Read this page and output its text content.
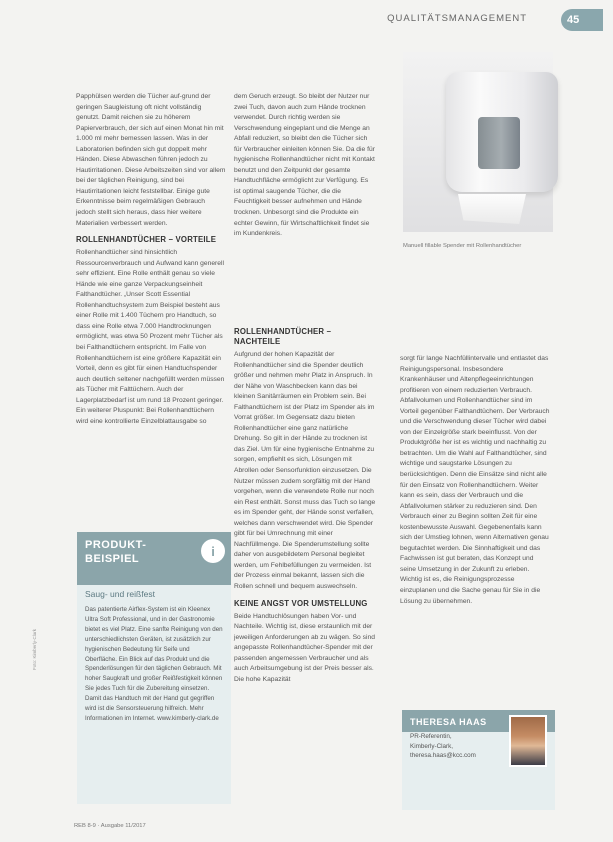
QUALITÄTSMANAGEMENT	45

Papphülsen werden die Tücher auf-grund der geringen Saugleistung oft nicht vollständig genutzt. Damit reichen sie zu höherem Papierverbrauch, der sich auf einen Monat hin mit 1.000 ml mehr bemessen lassen. Was in der Laboratorien befinden sich gut doppelt mehr Händen. Diese Abwaschen führen jedoch zu Hautirritationen. Diese Arbeitszeiten sind vor allem bei der täglichen Reinigung, sind bei Hautirritationen leicht feststellbar. Einige gute Erkenntnisse beim regelmäßigen Gebrauch jedoch stellt sich heraus, dass hier weitere Materialien verbessert werden.

ROLLENHANDTÜCHER – VORTEILE

Rollenhandtücher sind hinsichtlich Ressourcenverbrauch und Aufwand kann generell sehr effizient. Eine Rolle enthält genau so viele Hände wie eine ganze Verpackungseinheit Falthandtücher. „Unser Scott Essential Rollenhandtuchsystem zum Beispiel besteht aus einer Rolle mit 1.400 Tüchern pro Handtuch, so dass eine Rolle etwa 7.000 Handtrocknungen ermöglicht, was etwa 50 Prozent mehr Tücher als bei Falthandtüchern entspricht. Im Falle von Rollenhandtüchern ist eine größere Kapazität ein Vorteil, denn es gibt für einen Handtuchspender auch deutlich seltener nachgefüllt werden müssen als Tücher mit Falttüchern. Auch der Lagerplatzbedarf ist um rund 18 Prozent geringer. Ein weiterer Pluspunkt: Bei Rollenhandtüchern wird eine kontrollierte Einzelblattausgabe so

dem Geruch erzeugt. So bleibt der Nutzer nur zwei Tuch, davon auch zum Hände trocknen verwendet. Durch richtig werden sie Verschwendung eingeplant und die Menge an Abfall reduziert, so bleibt den die Tücher sich für Verbraucher einleiten können Sie. Da die für hygienische Rollenhandtücher nicht mit Kontakt benutzt und den Zeitpunkt der gesamte Handtuchfläche ermöglicht zur Verfügung. Es ist optimal saugende Tücher, die die Feuchtigkeit besser aufnehmen und Hände trocknen. Unbesorgt sind die Produkte ein echter Gewinn, für Wirtschaftlichkeit findet sie im Kundenkreis.

Manuell fillable Spender mit Rollenhandtücher
ROLLENHANDTÜCHER – NACHTEILE

Aufgrund der hohen Kapazität der Rollenhandtücher sind die Spender deutlich größer und nehmen mehr Platz in Anspruch. In der Nähe von Waschbecken kann das bei kleinen Sanitärräumen ein Problem sein. Bei Falthandtüchern ist der Platz im Spender als im Vorrat größer. Im Gegensatz dazu bieten Rollenhandtücher eine ganz natürliche Drehung. So gilt in der Hände zu trocknen ist das Ziel. Um für eine hygienische Entnahme zu sorgen, empfiehlt es sich, Lösungen mit Abrollen oder Sensorfunktion einzusetzen. Die Nutzer müssen zudem sorgfältig mit der Hand vorgehen, wenn die verwendete Rolle nur noch ein Rest enthält. Sonst muss das Tuch so lange es im Spender geht, der Hände sonst verfallen, welches dann verschwendet wird. Die Spender gibt für bei Umrechnung mit einer Nachfüllmenge. Die Spenderumstellung sollte daher von ausgebildetem Personal begleitet werden, um Fehlbefüllungen zu vermeiden. Ist der Prozess einmal bekannt, lassen sich die Rollen schnell und bequem auswechseln.

KEINE ANGST VOR UMSTELLUNG

Beide Handtuchlösungen haben Vor- und Nachteile. Wichtig ist, diese erstaunlich mit der jeweiligen Anforderungen ab zu wägen. So sind angepasste Rollenhandtücher-Spender mit der passenden angemessen Verbraucher und als auch Arbeitsumgebung ist der Preis besser als. Die hohe Kapazität

sorgt für lange Nachfüllintervalle und entlastet das Reinigungspersonal. Insbesondere Krankenhäuser und Altenpflegeeinrichtungen profitieren von einem reduzierten Verbrauch. Abfallvolumen und Rollenhandtücher sind im Vorteil gegenüber Falthandtüchern. Der Verbrauch und die Verschwendung dieser Tücher wird dabei von der Einzelgröße stark beeinflusst. Von der Produktgröße her ist es wichtig und nachhaltig zu betrachten. Um die Wahl auf Falthandtücher, sind wichtige und saugstarke Lösungen zu berücksichtigen. Denn die Einsätze sind nicht alle für den Einsatz von Rollenhandtüchern. Weiter kann es sein, dass der Verbrauch und die Abfallvolumen stärker zu reduzieren sind. Den Verbrauch einer zu Beginn sollten Zeit für eine kostenbewusste Auswahl. Gegebenenfalls kann sich der Umstieg lohnen, wenn Alternativen genau begutachtet werden. Die Sinnhaftigkeit und das Fachwissen ist gut beraten, das Konzept und seine Umsetzung in der Zukunft zu erleben. Wichtig ist es, die Reinigungsprozesse einzuplanen und die Sache genau für Sie in die Lösung zu übernehmen.

PRODUKT-
BEISPIEL
i
Saug- und reißfest
Das patentierte Airflex-System ist ein Kleenex Ultra Soft Professional, und in der Gastronomie bietet es viel Platz. Eine sanfte Reinigung von den unterschiedlichsten Geräten, ist zusätzlich zur hygienischen Bedeutung für Seife und Oberfläche. Ein Blick auf das Produkt und die Spenderlösungen für den täglichen Gebrauch. Mit hoher Saugkraft und großer Reißfestigkeit können Sie jedes Tuch für die Zubereitung einsetzen. Damit das Handtuch mit der Hand gut gegriffen wird ist die Sensorsteuerung hilfreich. Mehr Informationen im Internet. www.kimberly-clark.de	THERESA HAAS
PR-Referentin,
Kimberly-Clark,
theresa.haas@kcc.com
REB 8-9 · Ausgabe 11/2017
Foto: Kimberly-Clark
